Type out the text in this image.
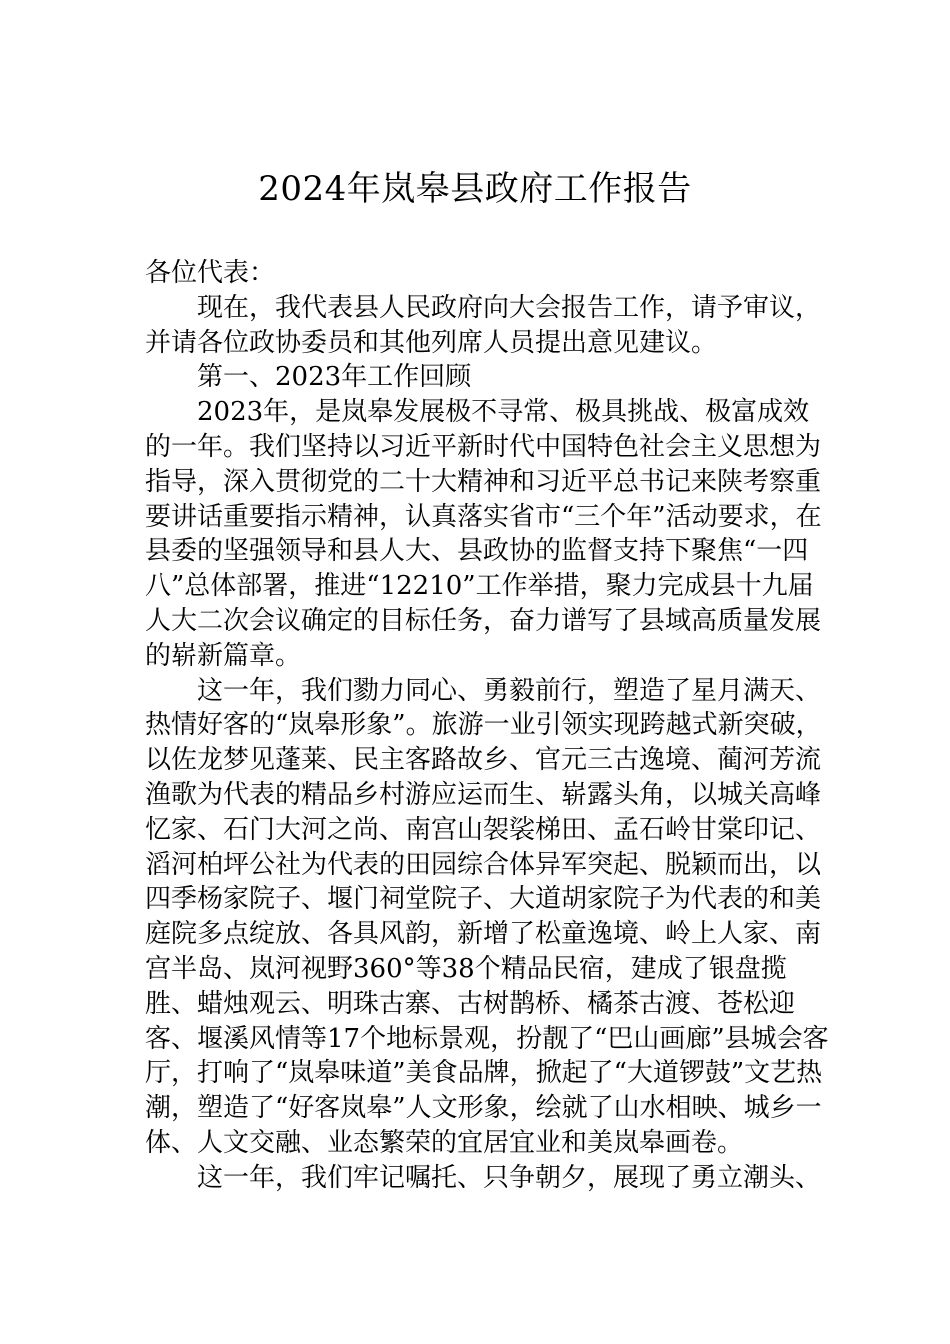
2024年岚皋县政府工作报告

各位代表：

现在，我代表县人民政府向大会报告工作，请予审议，并请各位政协委员和其他列席人员提出意见建议。

第一、2023年工作回顾

2023年，是岚皋发展极不寻常、极具挑战、极富成效的一年。我们坚持以习近平新时代中国特色社会主义思想为指导，深入贯彻党的二十大精神和习近平总书记来陕考察重要讲话重要指示精神，认真落实省市“三个年”活动要求，在县委的坚强领导和县人大、县政协的监督支持下聚焦“一四八”总体部署，推进“12210”工作举措，聚力完成县十九届人大二次会议确定的目标任务，奋力谱写了县域高质量发展的崭新篇章。

这一年，我们勠力同心、勇毅前行，塑造了星月满天、热情好客的“岚皋形象”。旅游一业引领实现跨越式新突破，以佐龙梦见蓬莱、民主客路故乡、官元三古逸境、蔺河芳流渔歌为代表的精品乡村游应运而生、崭露头角，以城关高峰忆家、石门大河之尚、南宫山袈裟梯田、孟石岭甘棠印记、滔河柏坪公社为代表的田园综合体异军突起、脱颖而出，以四季杨家院子、堰门祠堂院子、大道胡家院子为代表的和美庭院多点绽放、各具风韵，新增了松童逸境、岭上人家、南宫半岛、岚河视野360°等38个精品民宿，建成了银盘揽胜、蜡烛观云、明珠古寨、古树鹊桥、橘茶古渡、苍松迎客、堰溪风情等17个地标景观，扮靓了“巴山画廊”县城会客厅，打响了“岚皋味道”美食品牌，掀起了“大道锣鼓”文艺热潮，塑造了“好客岚皋”人文形象，绘就了山水相映、城乡一体、人文交融、业态繁荣的宜居宜业和美岚皋画卷。

这一年，我们牢记嘱托、只争朝夕，展现了勇立潮头、
